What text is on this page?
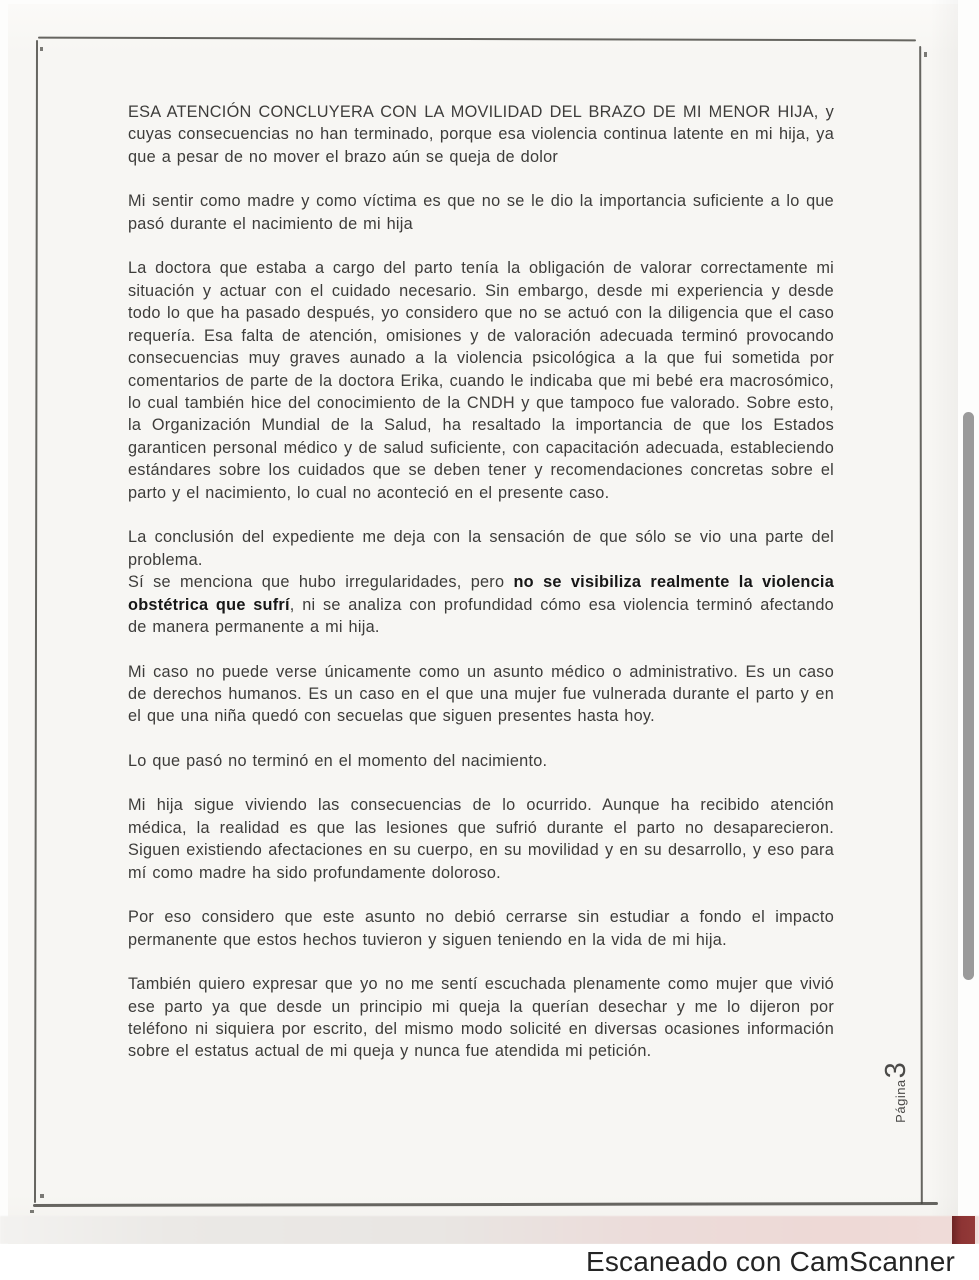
ESA ATENCIÓN CONCLUYERA CON LA MOVILIDAD DEL BRAZO DE MI MENOR HIJA, y cuyas consecuencias no han terminado, porque esa violencia continua latente en mi hija, ya que a pesar de no mover el brazo aún se queja de dolor

Mi sentir como madre y como víctima es que no se le dio la importancia suficiente a lo que pasó durante el nacimiento de mi hija

La doctora que estaba a cargo del parto tenía la obligación de valorar correctamente mi situación y actuar con el cuidado necesario. Sin embargo, desde mi experiencia y desde todo lo que ha pasado después, yo considero que no se actuó con la diligencia que el caso requería. Esa falta de atención, omisiones y de valoración adecuada terminó provocando consecuencias muy graves aunado a la violencia psicológica a la que fui sometida por comentarios de parte de la doctora Erika, cuando le indicaba que mi bebé era macrosómico, lo cual también hice del conocimiento de la CNDH y que tampoco fue valorado. Sobre esto, la Organización Mundial de la Salud, ha resaltado la importancia de que los Estados garanticen personal médico y de salud suficiente, con capacitación adecuada, estableciendo estándares sobre los cuidados que se deben tener y recomendaciones concretas sobre el parto y el nacimiento, lo cual no aconteció en el presente caso.

La conclusión del expediente me deja con la sensación de que sólo se vio una parte del problema.

Sí se menciona que hubo irregularidades, pero no se visibiliza realmente la violencia obstétrica que sufrí, ni se analiza con profundidad cómo esa violencia terminó afectando de manera permanente a mi hija.

Mi caso no puede verse únicamente como un asunto médico o administrativo. Es un caso de derechos humanos. Es un caso en el que una mujer fue vulnerada durante el parto y en el que una niña quedó con secuelas que siguen presentes hasta hoy.

Lo que pasó no terminó en el momento del nacimiento.

Mi hija sigue viviendo las consecuencias de lo ocurrido. Aunque ha recibido atención médica, la realidad es que las lesiones que sufrió durante el parto no desaparecieron. Siguen existiendo afectaciones en su cuerpo, en su movilidad y en su desarrollo, y eso para mí como madre ha sido profundamente doloroso.

Por eso considero que este asunto no debió cerrarse sin estudiar a fondo el impacto permanente que estos hechos tuvieron y siguen teniendo en la vida de mi hija.

También quiero expresar que yo no me sentí escuchada plenamente como mujer que vivió ese parto ya que desde un principio mi queja la querían desechar y me lo dijeron por teléfono ni siquiera por escrito, del mismo modo solicité en diversas ocasiones información sobre el estatus actual de mi queja y nunca fue atendida mi petición.

Página
3
Escaneado con CamScanner
